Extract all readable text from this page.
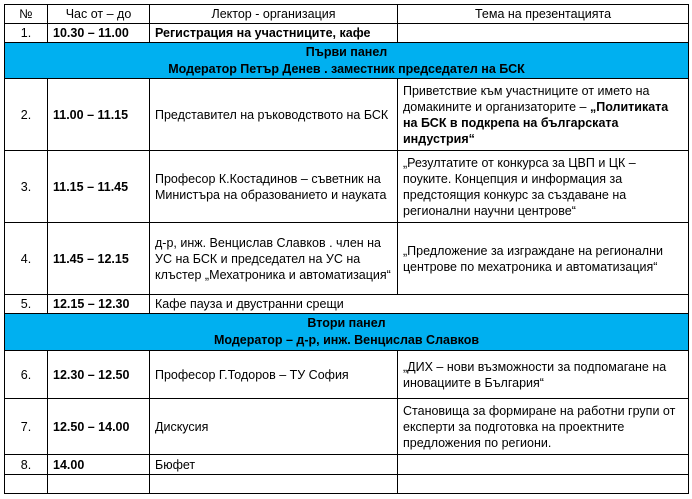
№	Час от – до	Лектор - организация	Тема на презентацията
1.	10.30 – 11.00	Регистрация на участниците, кафе	

Първи панел
Модератор Петър Денев . заместник председател на БСК			

2.	11.00 – 11.15	Представител на ръководството на БСК	Приветствие към участниците от името на домакините и организаторите – „Политиката на БСК в подкрепа на българската индустрия“
3.	11.15 – 11.45	Професор К.Костадинов – съветник на Министъра на образованието и науката	„Резултатите от конкурса за ЦВП и ЦК – поуките. Концепция и информация за предстоящия конкурс за създаване на регионални научни центрове“
4.	11.45 – 12.15	д-р, инж. Венцислав Славков . член на УС на БСК и председател на УС на клъстер „Мехатроника и автоматизация“	„Предложение за изграждане на регионални центрове по мехатроника и автоматизация“
5.	12.15 – 12.30	Кафе пауза и двустранни срещи	

Втори панел
Модератор – д-р, инж. Венцислав Славков			

6.	12.30 – 12.50	Професор Г.Тодоров – ТУ София	„ДИХ – нови възможности за подпомагане на иновациите в България“
7.	12.50 – 14.00	Дискусия	Становища за формиране на работни групи от експерти за подготовка на проектните предложения по региони.
8.	14.00	Бюфет	
